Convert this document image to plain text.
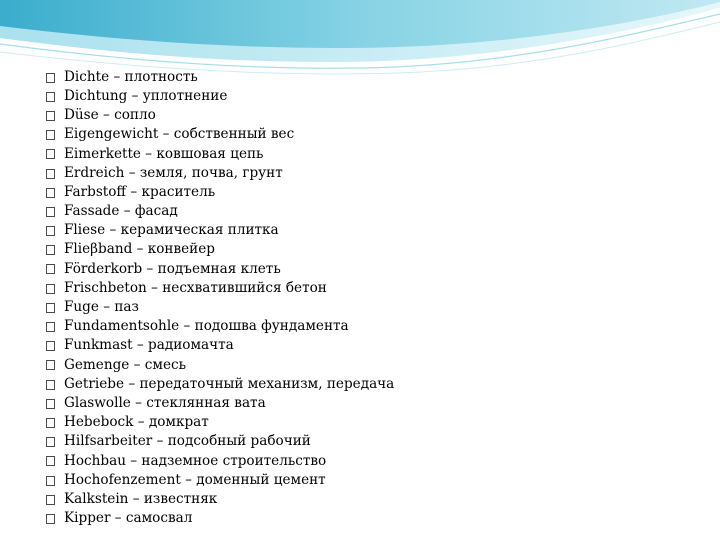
Dichte – плотность
Dichtung – уплотнение
Düse – сопло
Eigengewicht – собственный вес
Eimerkette – ковшовая цепь
Erdreich – земля, почва, грунт
Farbstoff – краситель
Fassade – фасад
Fliese – керамическая плитка
Flieβband – конвейер
Förderkorb – подъемная клеть
Frischbeton – несхватившийся бетон
Fuge – паз
Fundamentsohle – подошва фундамента
Funkmast – радиомачта
Gemenge – смесь
Getriebe – передаточный механизм, передача
Glaswolle – стеклянная вата
Hebebock – домкрат
Hilfsarbeiter – подсобный рабочий
Hochbau – надземное строительство
Hochofenzement – доменный цемент
Kalkstein – известняк
Kipper – самосвал
